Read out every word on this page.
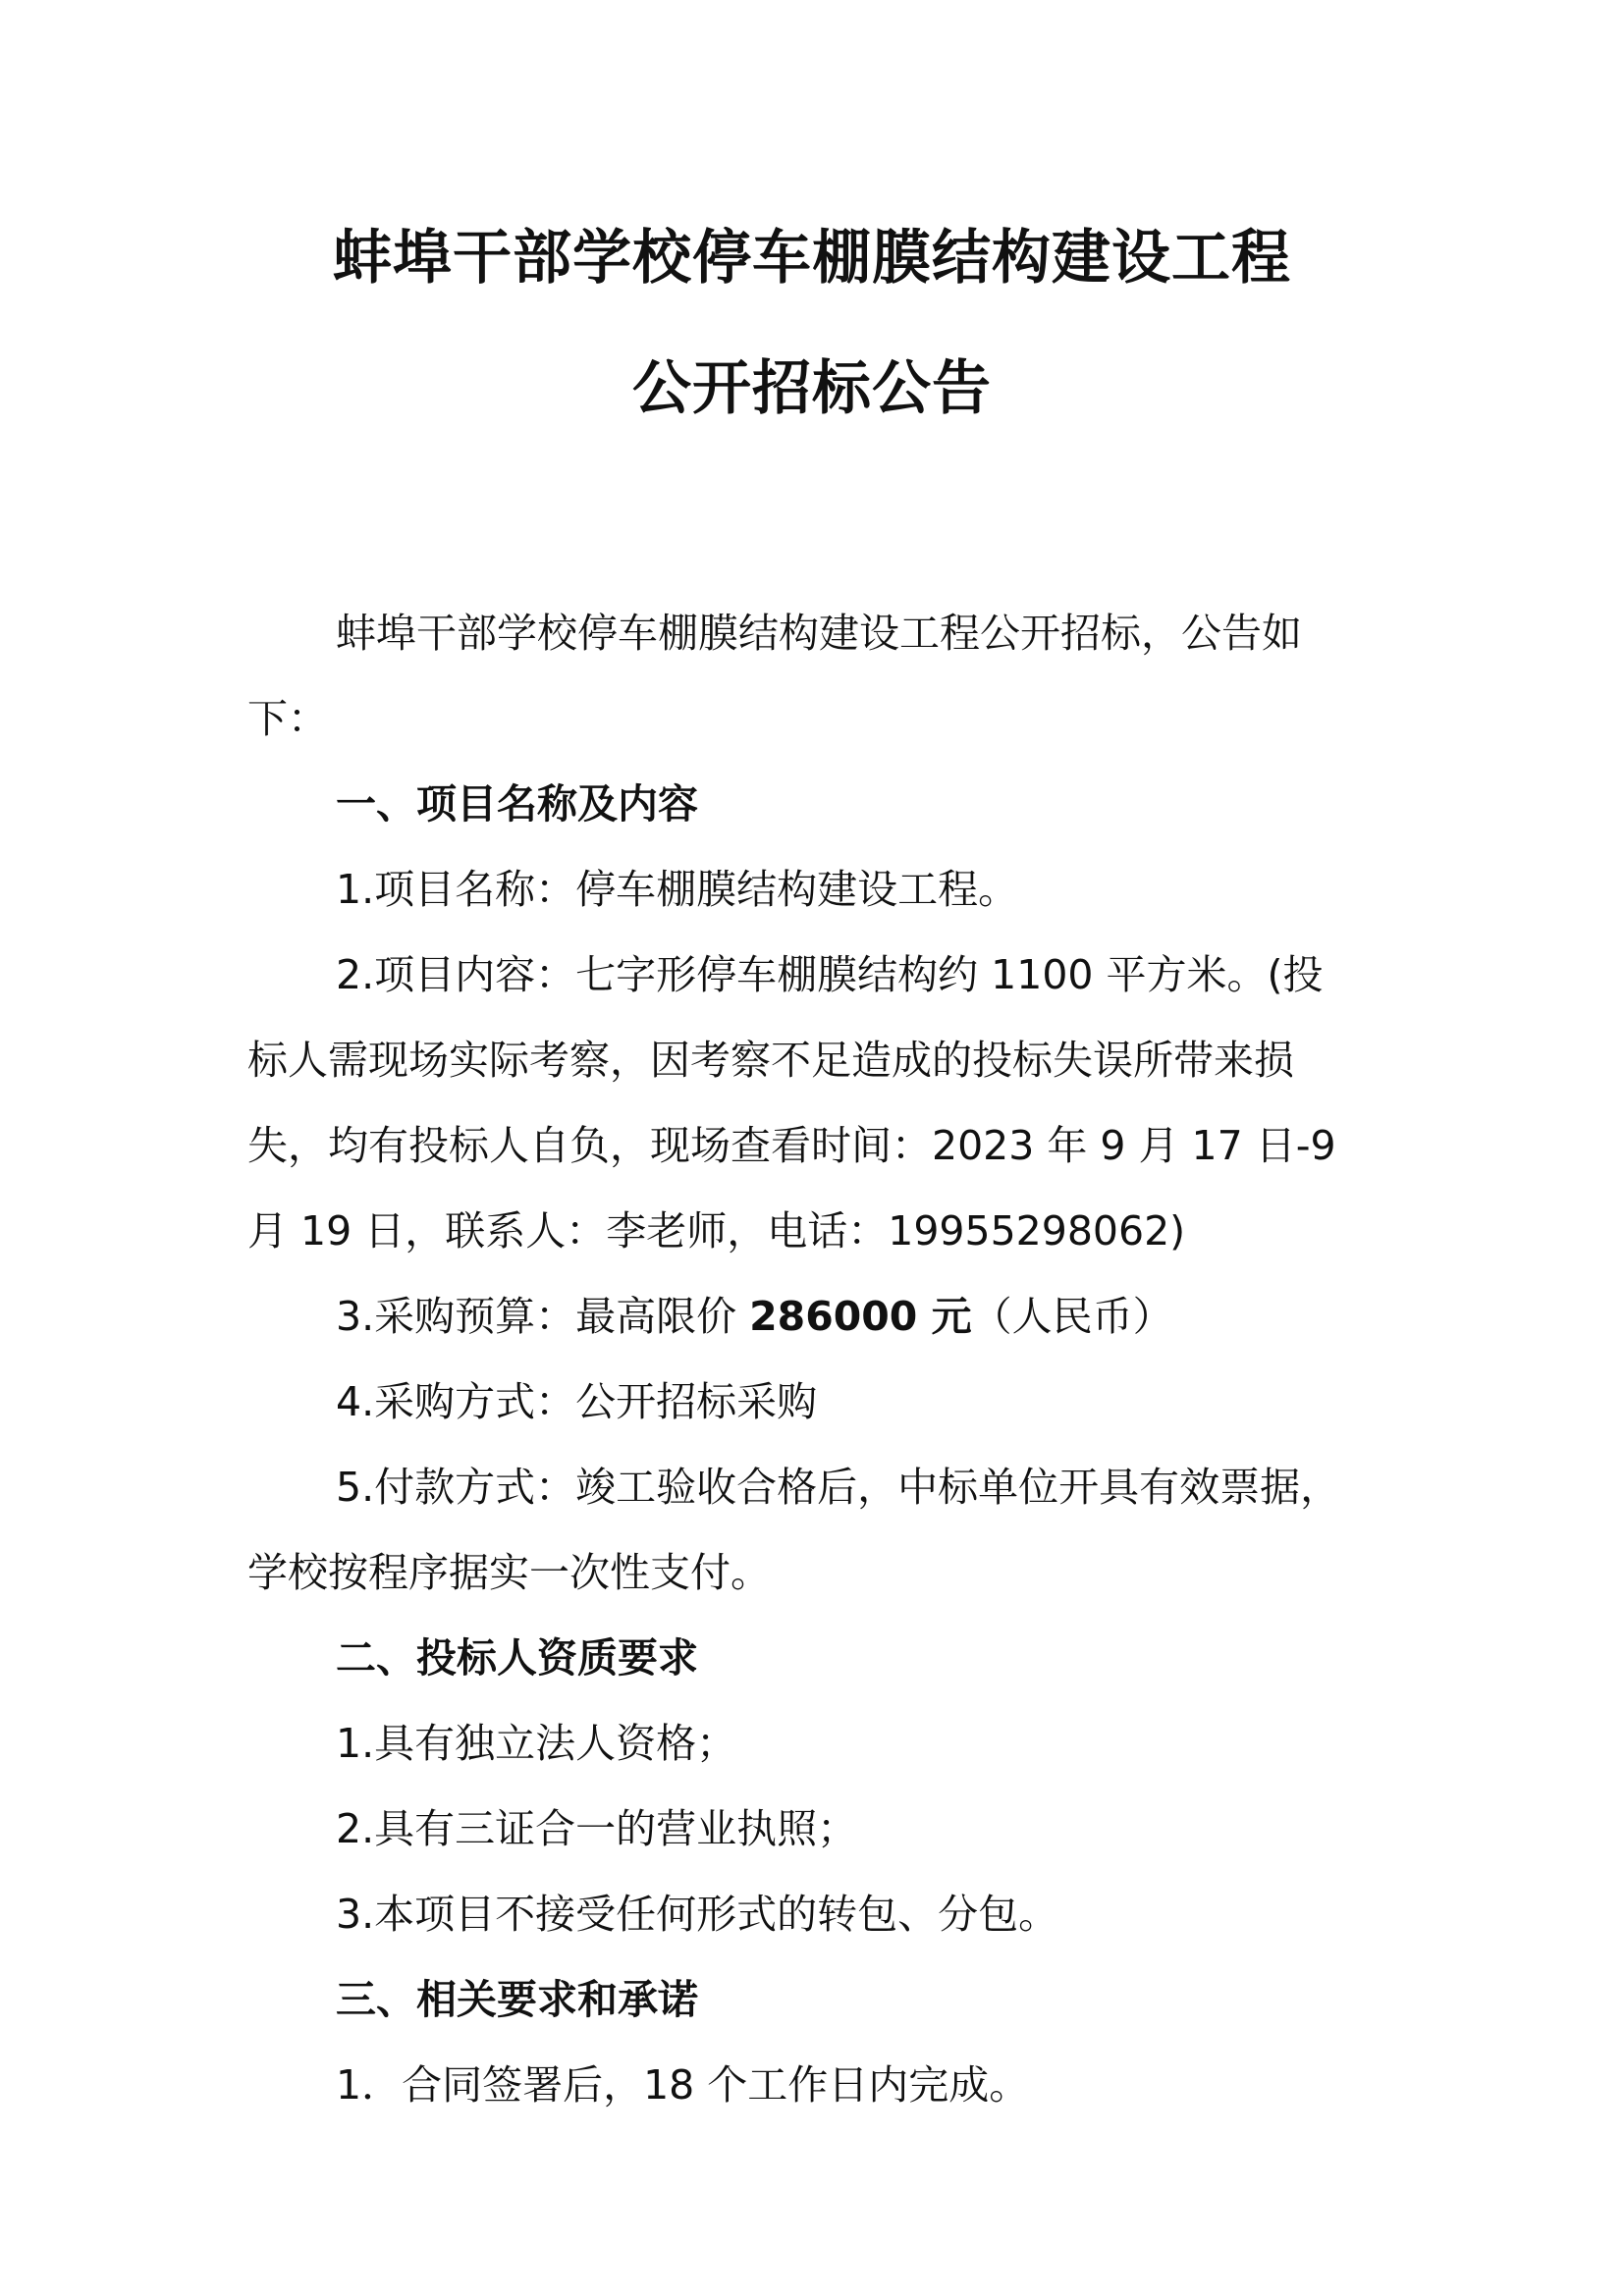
蚌埠干部学校停车棚膜结构建设工程
公开招标公告
蚌埠干部学校停车棚膜结构建设工程公开招标，公告如
下：
一、项目名称及内容
1.项目名称：停车棚膜结构建设工程。
2.项目内容：七字形停车棚膜结构约 1100 平方米。(投
标人需现场实际考察，因考察不足造成的投标失误所带来损
失，均有投标人自负，现场查看时间：2023 年 9 月 17 日-9
月 19 日，联系人：李老师，电话：19955298062)
3.采购预算：最高限价 286000 元（人民币）
4.采购方式：公开招标采购
5.付款方式：竣工验收合格后，中标单位开具有效票据，
学校按程序据实一次性支付。
二、投标人资质要求
1.具有独立法人资格；
2.具有三证合一的营业执照；
3.本项目不接受任何形式的转包、分包。
三、相关要求和承诺
1．合同签署后，18 个工作日内完成。
